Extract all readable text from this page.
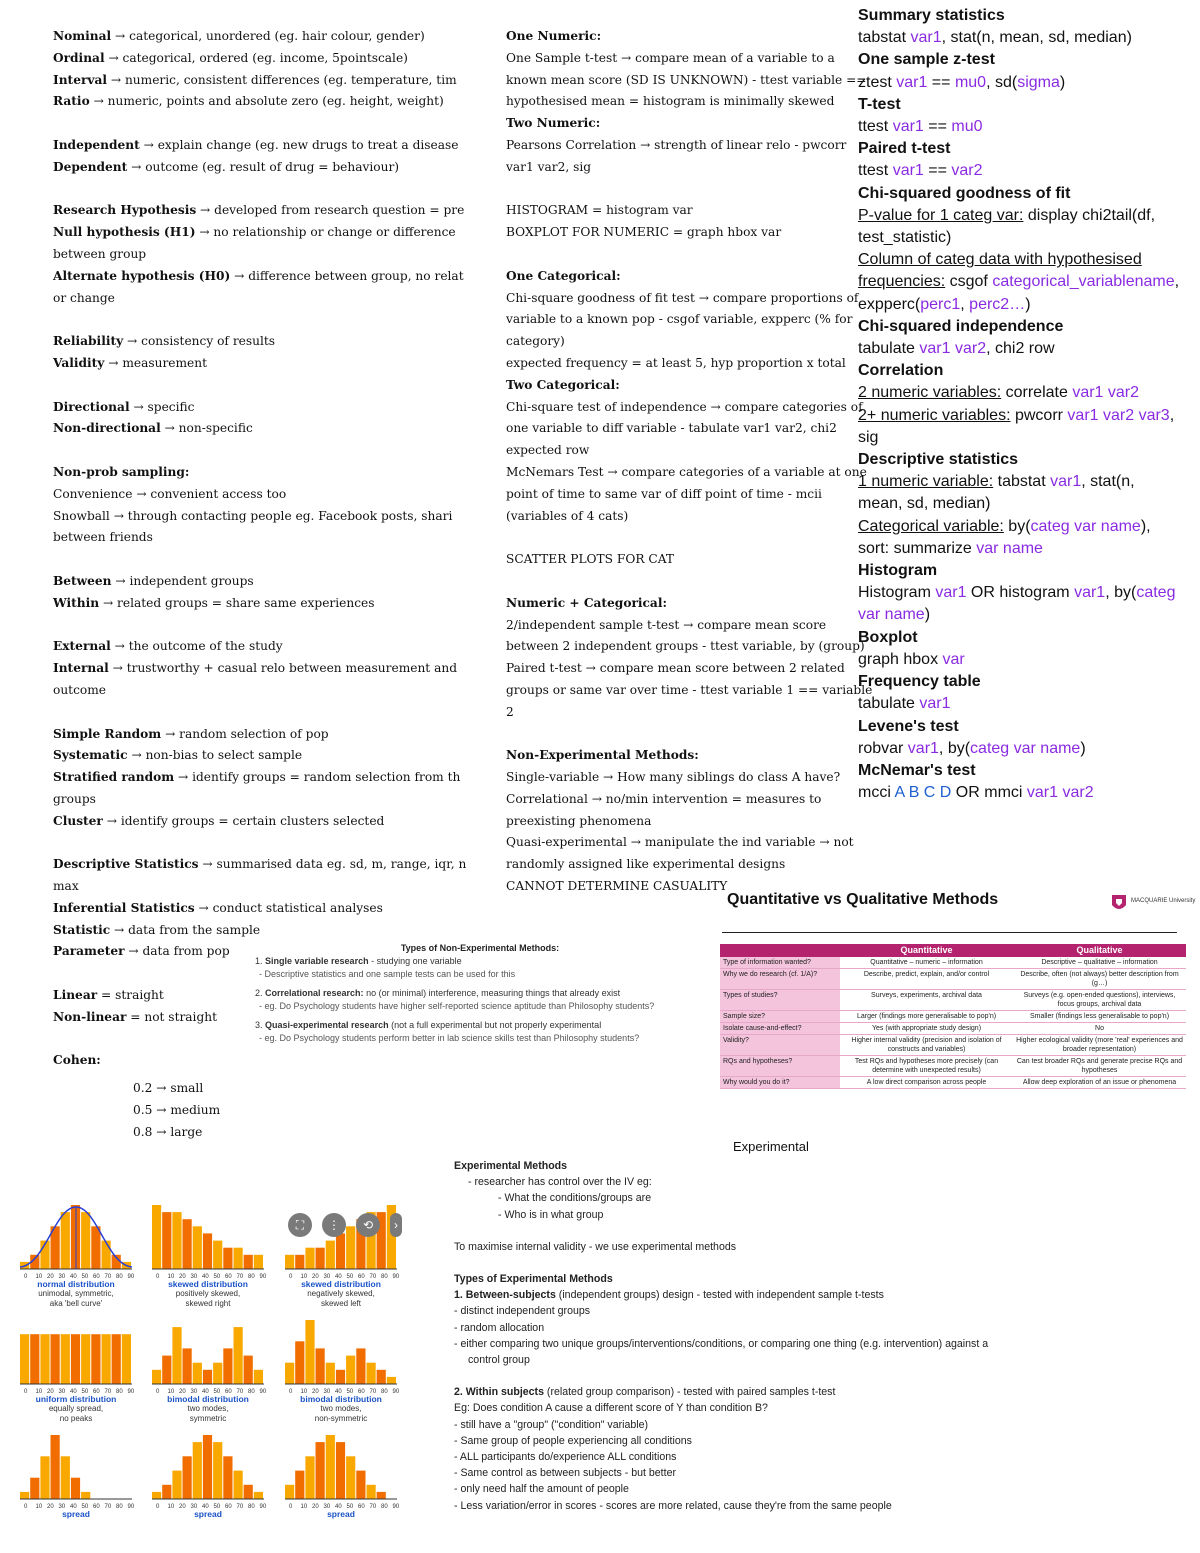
Nominal → categorical, unordered (eg. hair colour, gender)
Ordinal → categorical, ordered (eg. income, 5pointscale)
Interval → numeric, consistent differences (eg. temperature, tim
Ratio → numeric, points and absolute zero (eg. height, weight)
Independent → explain change (eg. new drugs to treat a disease
Dependent → outcome (eg. result of drug = behaviour)
Research Hypothesis → developed from research question = pre
Null hypothesis (H1) → no relationship or change or difference
between group
Alternate hypothesis (H0) → difference between group, no relat
or change
Reliability → consistency of results
Validity → measurement
Directional → specific
Non-directional → non-specific
Non-prob sampling:
Convenience → convenient access too
Snowball → through contacting people eg. Facebook posts, shari
between friends
Between → independent groups
Within → related groups = share same experiences
External → the outcome of the study
Internal → trustworthy + casual relo between measurement and
outcome
Simple Random → random selection of pop
Systematic → non-bias to select sample
Stratified random → identify groups = random selection from th
groups
Cluster → identify groups = certain clusters selected
Descriptive Statistics → summarised data eg. sd, m, range, iqr, n
max
Inferential Statistics → conduct statistical analyses
Statistic → data from the sample
Parameter → data from pop
Linear = straight
Non-linear = not straight
Cohen:
0.2 → small
0.5 → medium
0.8 → large
One Numeric:
One Sample t-test → compare mean of a variable to a
known mean score (SD IS UNKNOWN) - ttest variable ==
hypothesised mean = histogram is minimally skewed
Two Numeric:
Pearsons Correlation → strength of linear relo - pwcorr
var1 var2, sig
HISTOGRAM = histogram var
BOXPLOT FOR NUMERIC = graph hbox var
One Categorical:
Chi-square goodness of fit test → compare proportions of
variable to a known pop - csgof variable, expperc (% for
category)
expected frequency = at least 5, hyp proportion x total
Two Categorical:
Chi-square test of independence → compare categories of
one variable to diff variable - tabulate var1 var2, chi2
expected row
McNemars Test → compare categories of a variable at one
point of time to same var of diff point of time - mcii
(variables of 4 cats)
SCATTER PLOTS FOR CAT
Numeric + Categorical:
2/independent sample t-test → compare mean score
between 2 independent groups - ttest variable, by (group)
Paired t-test → compare mean score between 2 related
groups or same var over time - ttest variable 1 == variable
2
Non-Experimental Methods:
Single-variable → How many siblings do class A have?
Correlational → no/min intervention = measures to
preexisting phenomena
Quasi-experimental → manipulate the ind variable → not
randomly assigned like experimental designs
CANNOT DETERMINE CASUALITY
Summary statistics
tabstat var1, stat(n, mean, sd, median)
One sample z-test
ztest var1 == mu0, sd(sigma)
T-test
ttest var1 == mu0
Paired t-test
ttest var1 == var2
Chi-squared goodness of fit
P-value for 1 categ var: display chi2tail(df,
test_statistic)
Column of categ data with hypothesised
frequencies: csgof categorical_variablename,
expperc(perc1, perc2…)
Chi-squared independence
tabulate var1 var2, chi2 row
Correlation
2 numeric variables: correlate var1 var2
2+ numeric variables: pwcorr var1 var2 var3,
sig
Descriptive statistics
1 numeric variable: tabstat var1, stat(n,
mean, sd, median)
Categorical variable: by(categ var name),
sort: summarize var name
Histogram
Histogram var1 OR histogram var1, by(categ
var name)
Boxplot
graph hbox var
Frequency table
tabulate var1
Levene's test
robvar var1, by(categ var name)
McNemar's test
mcci A B C D OR mmci var1 var2
Types of Non-Experimental Methods:
1. Single variable research - studying one variable
- Descriptive statistics and one sample tests can be used for this
2. Correlational research: no (or minimal) interference, measuring things that already exist
- eg. Do Psychology students have higher self-reported science aptitude than Philosophy students?
3. Quasi-experimental research (not a full experimental but not properly experimental
- eg. Do Psychology students perform better in lab science skills test than Philosophy students?
Quantitative vs Qualitative Methods	MACQUARIE University
	Quantitative	Qualitative
Type of information wanted?	Quantitative – numeric – information	Descriptive – qualitative – information
Why we do research (cf. 1/A)?	Describe, predict, explain, and/or control	Describe, often (not always) better description from (g…)
Types of studies?	Surveys, experiments, archival data	Surveys (e.g. open-ended questions), interviews, focus groups, archival data
Sample size?	Larger (findings more generalisable to pop'n)	Smaller (findings less generalisable to pop'n)
Isolate cause-and-effect?	Yes (with appropriate study design)	No
Validity?	Higher internal validity (precision and isolation of constructs and variables)	Higher ecological validity (more 'real' experiences and broader representation)
RQs and hypotheses?	Test RQs and hypotheses more precisely (can determine with unexpected results)	Can test broader RQs and generate precise RQs and hypotheses
Why would you do it?	A low direct comparison across people	Allow deep exploration of an issue or phenomena
Experimental
Experimental Methods
- researcher has control over the IV eg:
- What the conditions/groups are
- Who is in what group
To maximise internal validity - we use experimental methods
Types of Experimental Methods
1. Between-subjects (independent groups) design - tested with independent sample t-tests
- distinct independent groups
- random allocation
- either comparing two unique groups/interventions/conditions, or comparing one thing (e.g. intervention) against a
control group
2. Within subjects (related group comparison) - tested with paired samples t-test
Eg: Does condition A cause a different score of Y than condition B?
- still have a "group" ("condition" variable)
- Same group of people experiencing all conditions
- ALL participants do/experience ALL conditions
- Same control as between subjects - but better
- only need half the amount of people
- Less variation/error in scores - scores are more related, cause they're from the same people
0 10 20 30 40 50 60 70 80 90
normal distribution
unimodal, symmetric,
aka 'bell curve'
0 10 20 30 40 50 60 70 80 90
skewed distribution
positively skewed,
skewed right
0 10 20 30 40 50 60 70 80 90
skewed distribution
negatively skewed,
skewed left
0 10 20 30 40 50 60 70 80 90
uniform distribution
equally spread,
no peaks
0 10 20 30 40 50 60 70 80 90
bimodal distribution
two modes,
symmetric
0 10 20 30 40 50 60 70 80 90
bimodal distribution
two modes,
non-symmetric
0 10 20 30 40 50 60 70 80 90
spread
0 10 20 30 40 50 60 70 80 90
spread
0 10 20 30 40 50 60 70 80 90
spread
⛶	⋮	⟲	›
